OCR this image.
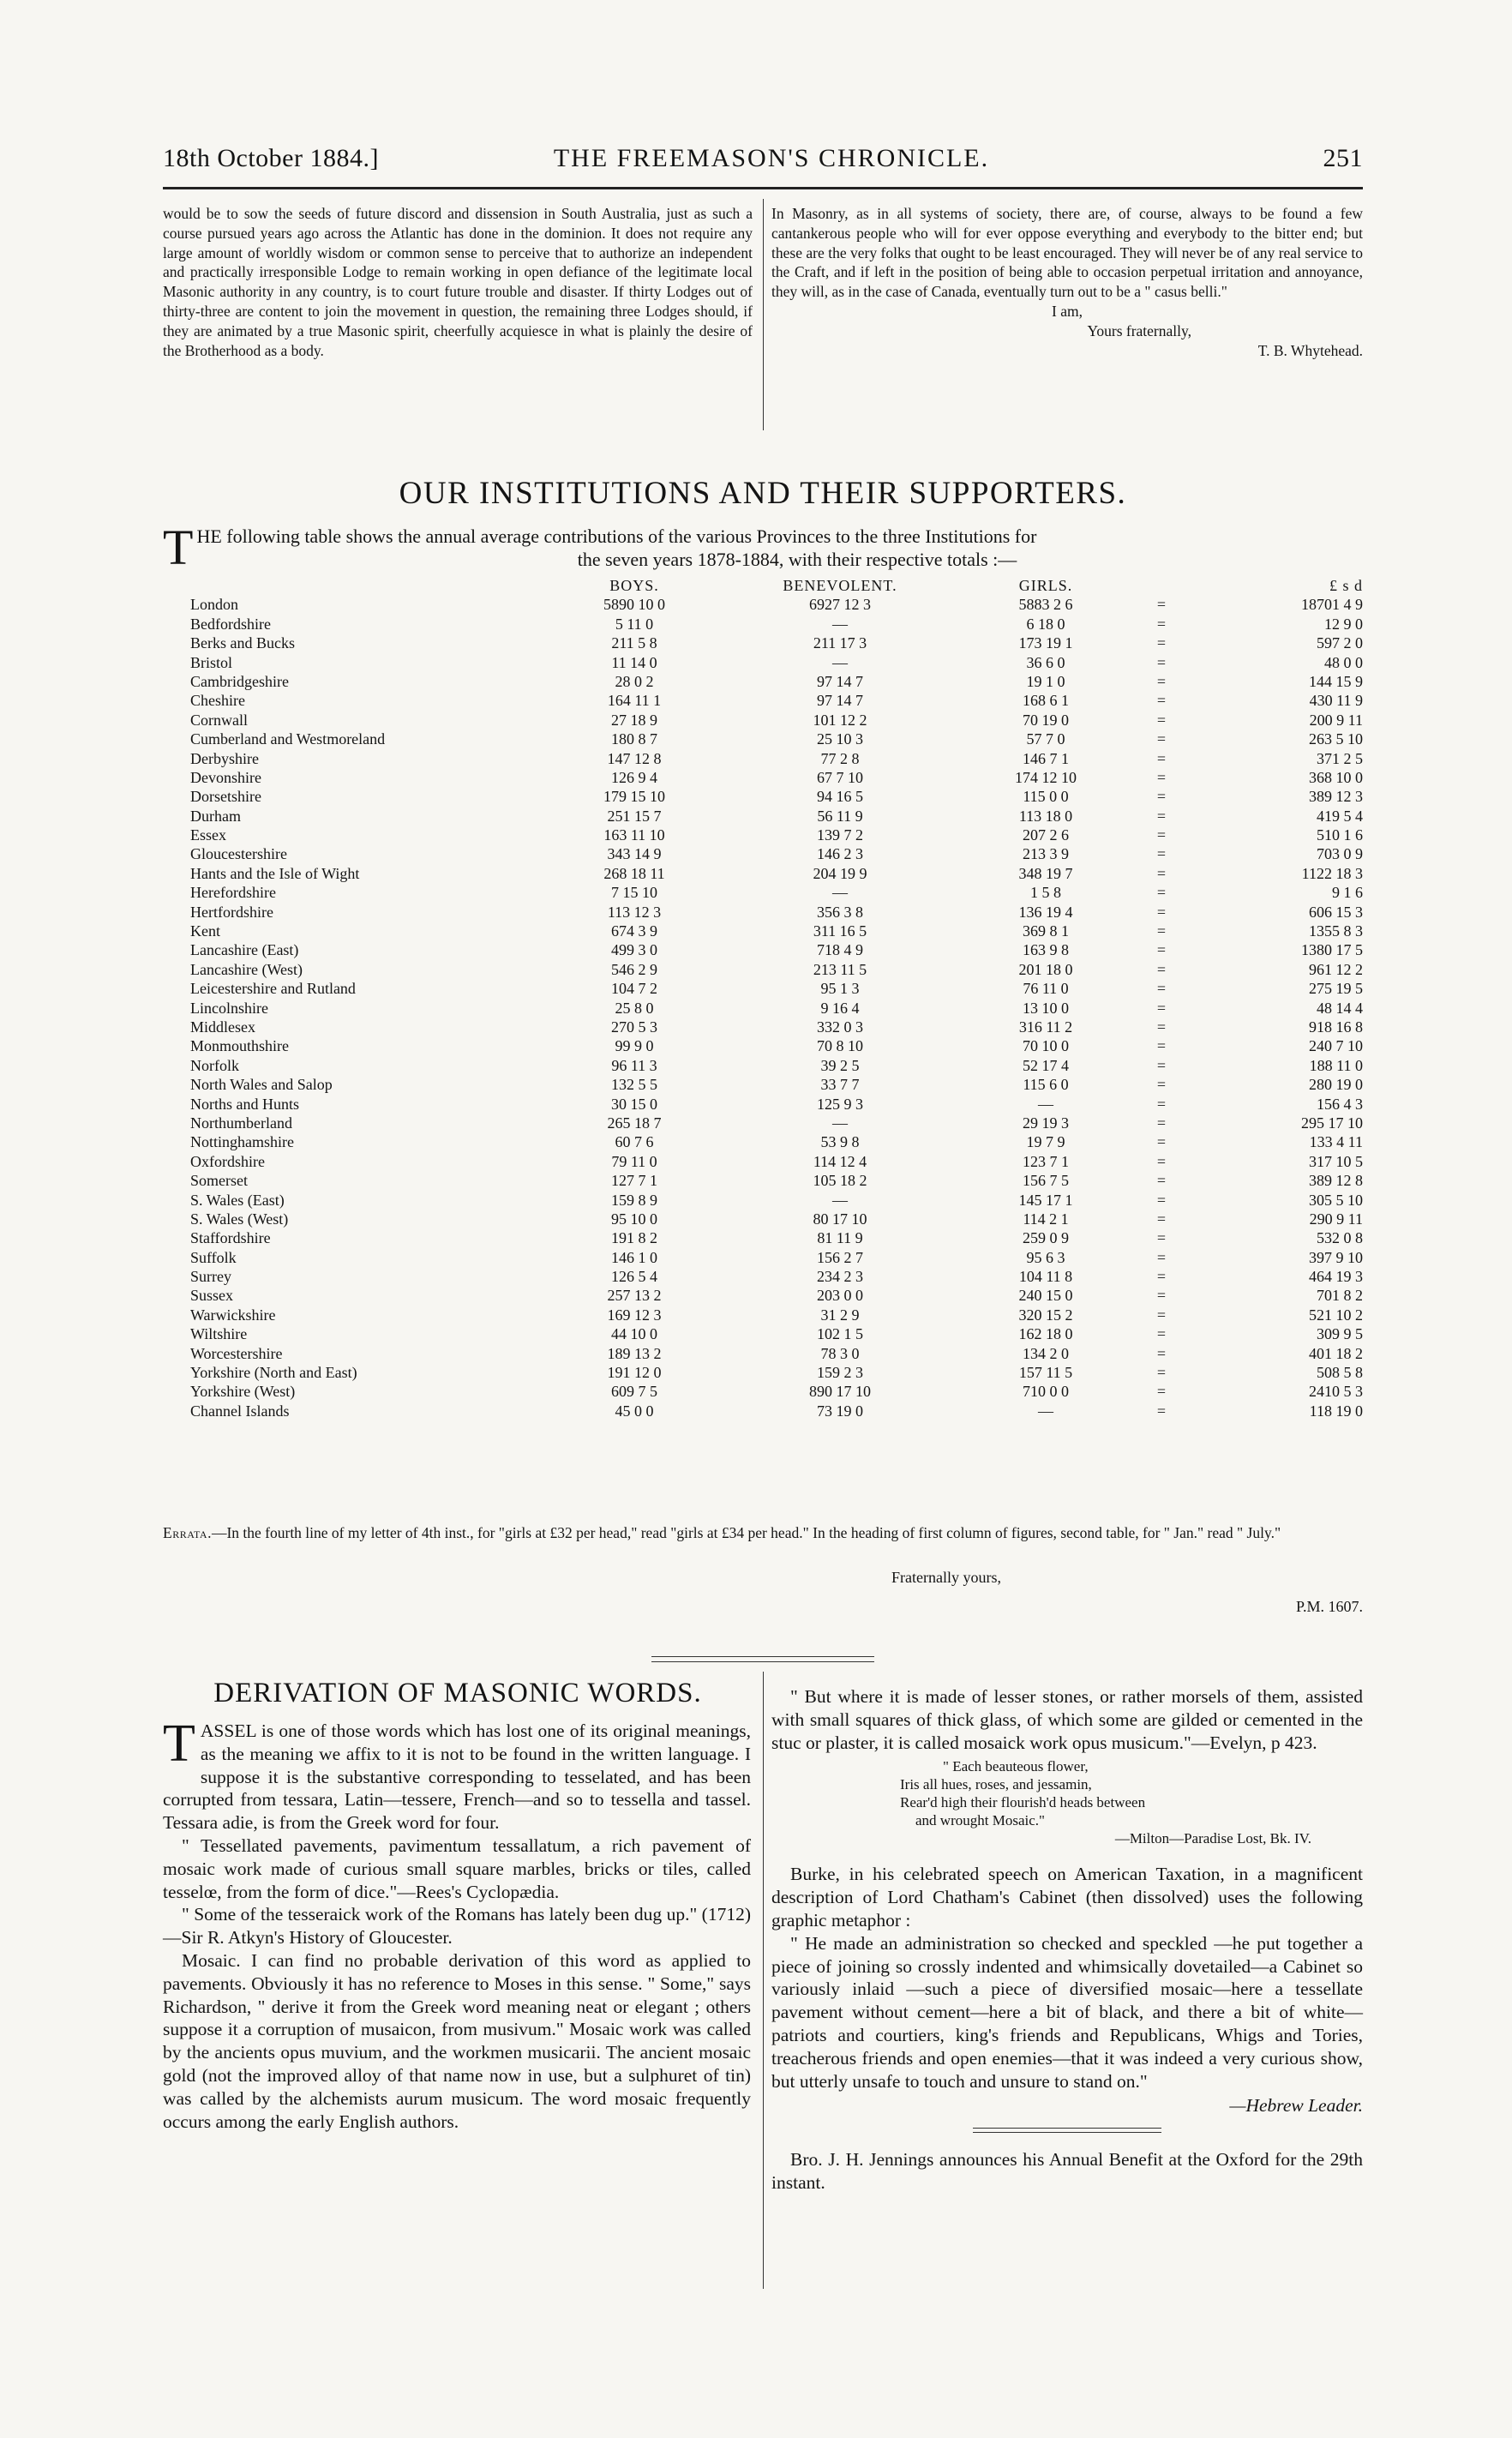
18th October 1884.]	THE FREEMASON'S CHRONICLE.	251
would be to sow the seeds of future discord and dissension in South Australia, just as such a course pursued years ago across the Atlantic has done in the dominion. It does not require any large amount of worldly wisdom or common sense to perceive that to authorize an independent and practically irresponsible Lodge to remain working in open defiance of the legitimate local Masonic authority in any country, is to court future trouble and disaster. If thirty Lodges out of thirty-three are content to join the movement in question, the remaining three Lodges should, if they are animated by a true Masonic spirit, cheerfully acquiesce in what is plainly the desire of the Brotherhood as a body.
In Masonry, as in all systems of society, there are, of course, always to be found a few cantankerous people who will for ever oppose everything and everybody to the bitter end; but these are the very folks that ought to be least encouraged. They will never be of any real service to the Craft, and if left in the position of being able to occasion perpetual irritation and annoyance, they will, as in the case of Canada, eventually turn out to be a " casus belli."
I am,
Yours fraternally,
T. B. Whytehead.
OUR INSTITUTIONS AND THEIR SUPPORTERS.
T HE following table shows the annual average contributions of the various Provinces to the three Institutions for
the seven years 1878-1884, with their respective totals :—
BOYS.	BENEVOLENT.	GIRLS.	£ s d
London	5890 10 0	6927 12 3	5883 2 6	=	18701 4 9
Bedfordshire	5 11 0	—	6 18 0	=	12 9 0
Berks and Bucks	211 5 8	211 17 3	173 19 1	=	597 2 0
Bristol	11 14 0	—	36 6 0	=	48 0 0
Cambridgeshire	28 0 2	97 14 7	19 1 0	=	144 15 9
Cheshire	164 11 1	97 14 7	168 6 1	=	430 11 9
Cornwall	27 18 9	101 12 2	70 19 0	=	200 9 11
Cumberland and Westmoreland	180 8 7	25 10 3	57 7 0	=	263 5 10
Derbyshire	147 12 8	77 2 8	146 7 1	=	371 2 5
Devonshire	126 9 4	67 7 10	174 12 10	=	368 10 0
Dorsetshire	179 15 10	94 16 5	115 0 0	=	389 12 3
Durham	251 15 7	56 11 9	113 18 0	=	419 5 4
Essex	163 11 10	139 7 2	207 2 6	=	510 1 6
Gloucestershire	343 14 9	146 2 3	213 3 9	=	703 0 9
Hants and the Isle of Wight	268 18 11	204 19 9	348 19 7	=	1122 18 3
Herefordshire	7 15 10	—	1 5 8	=	9 1 6
Hertfordshire	113 12 3	356 3 8	136 19 4	=	606 15 3
Kent	674 3 9	311 16 5	369 8 1	=	1355 8 3
Lancashire (East)	499 3 0	718 4 9	163 9 8	=	1380 17 5
Lancashire (West)	546 2 9	213 11 5	201 18 0	=	961 12 2
Leicestershire and Rutland	104 7 2	95 1 3	76 11 0	=	275 19 5
Lincolnshire	25 8 0	9 16 4	13 10 0	=	48 14 4
Middlesex	270 5 3	332 0 3	316 11 2	=	918 16 8
Monmouthshire	99 9 0	70 8 10	70 10 0	=	240 7 10
Norfolk	96 11 3	39 2 5	52 17 4	=	188 11 0
North Wales and Salop	132 5 5	33 7 7	115 6 0	=	280 19 0
Norths and Hunts	30 15 0	125 9 3	—	=	156 4 3
Northumberland	265 18 7	—	29 19 3	=	295 17 10
Nottinghamshire	60 7 6	53 9 8	19 7 9	=	133 4 11
Oxfordshire	79 11 0	114 12 4	123 7 1	=	317 10 5
Somerset	127 7 1	105 18 2	156 7 5	=	389 12 8
S. Wales (East)	159 8 9	—	145 17 1	=	305 5 10
S. Wales (West)	95 10 0	80 17 10	114 2 1	=	290 9 11
Staffordshire	191 8 2	81 11 9	259 0 9	=	532 0 8
Suffolk	146 1 0	156 2 7	95 6 3	=	397 9 10
Surrey	126 5 4	234 2 3	104 11 8	=	464 19 3
Sussex	257 13 2	203 0 0	240 15 0	=	701 8 2
Warwickshire	169 12 3	31 2 9	320 15 2	=	521 10 2
Wiltshire	44 10 0	102 1 5	162 18 0	=	309 9 5
Worcestershire	189 13 2	78 3 0	134 2 0	=	401 18 2
Yorkshire (North and East)	191 12 0	159 2 3	157 11 5	=	508 5 8
Yorkshire (West)	609 7 5	890 17 10	710 0 0	=	2410 5 3
Channel Islands	45 0 0	73 19 0	—	=	118 19 0
Errata.—In the fourth line of my letter of 4th inst., for "girls at £32 per head," read "girls at £34 per head." In the heading of first column of figures, second table, for " Jan." read " July."
Fraternally yours,
P.M. 1607.
DERIVATION OF MASONIC WORDS.

TASSEL is one of those words which has lost one of its original meanings, as the meaning we affix to it is not to be found in the written language. I suppose it is the substantive corresponding to tesselated, and has been corrupted from tessara, Latin—tessere, French—and so to tessella and tassel. Tessara adie, is from the Greek word for four.

" Tessellated pavements, pavimentum tessallatum, a rich pavement of mosaic work made of curious small square marbles, bricks or tiles, called tesselœ, from the form of dice."—Rees's Cyclopædia.

" Some of the tesseraick work of the Romans has lately been dug up." (1712)—Sir R. Atkyn's History of Gloucester.

Mosaic. I can find no probable derivation of this word as applied to pavements. Obviously it has no reference to Moses in this sense. " Some," says Richardson, " derive it from the Greek word meaning neat or elegant ; others suppose it a corruption of musaicon, from musivum." Mosaic work was called by the ancients opus muvium, and the workmen musicarii. The ancient mosaic gold (not the improved alloy of that name now in use, but a sulphuret of tin) was called by the alchemists aurum musicum. The word mosaic frequently occurs among the early English authors.

" But where it is made of lesser stones, or rather morsels of them, assisted with small squares of thick glass, of which some are gilded or cemented in the stuc or plaster, it is called mosaick work opus musicum."—Evelyn, p 423.

" Each beauteous flower,
Iris all hues, roses, and jessamin,
Rear'd high their flourish'd heads between
and wrought Mosaic."
—Milton—Paradise Lost, Bk. IV.

Burke, in his celebrated speech on American Taxation, in a magnificent description of Lord Chatham's Cabinet (then dissolved) uses the following graphic metaphor :

" He made an administration so checked and speckled —he put together a piece of joining so crossly indented and whimsically dovetailed—a Cabinet so variously inlaid —such a piece of diversified mosaic—here a tessellate pavement without cement—here a bit of black, and there a bit of white—patriots and courtiers, king's friends and Republicans, Whigs and Tories, treacherous friends and open enemies—that it was indeed a very curious show, but utterly unsafe to touch and unsure to stand on."

—Hebrew Leader.

Bro. J. H. Jennings announces his Annual Benefit at the Oxford for the 29th instant.
